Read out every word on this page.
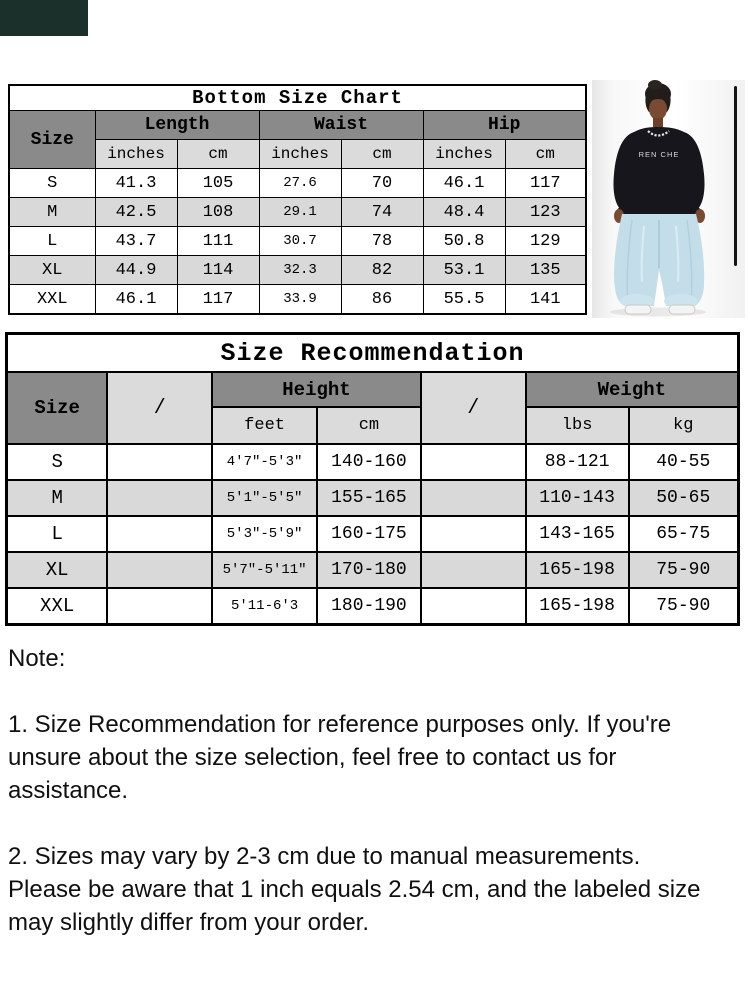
Bottom Size Chart						
Size	Length		Waist		Hip	
	inches	cm	inches	cm	inches	cm
S	41.3	105	27.6	70	46.1	117
M	42.5	108	29.1	74	48.4	123
L	43.7	111	30.7	78	50.8	129
XL	44.9	114	32.3	82	53.1	135
XXL	46.1	117	33.9	86	55.5	141
REN CHE
Size Recommendation						
Size	/	Height		/	Weight	
		feet	cm		lbs	kg
S		4'7"-5'3"	140-160		88-121	40-55
M		5'1"-5'5"	155-165		110-143	50-65
L		5'3"-5'9"	160-175		143-165	65-75
XL		5'7"-5'11"	170-180		165-198	75-90
XXL		5'11-6'3	180-190		165-198	75-90
Note:

1. Size Recommendation for reference purposes only. If you're unsure about the size selection, feel free to contact us for assistance.

2. Sizes may vary by 2-3 cm due to manual measurements. Please be aware that 1 inch equals 2.54 cm, and the labeled size may slightly differ from your order.
